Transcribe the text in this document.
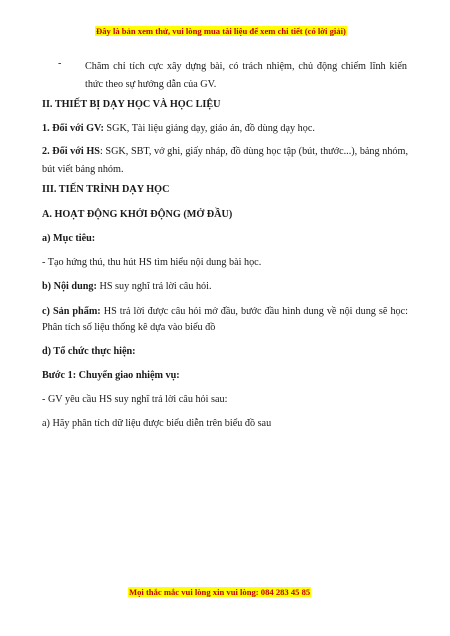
Đây là bản xem thử, vui lòng mua tài liệu để xem chi tiết (có lời giải)
- Chăm chỉ tích cực xây dựng bài, có trách nhiệm, chủ động chiếm lĩnh kiến thức theo sự hướng dẫn của GV.
II. THIẾT BỊ DẠY HỌC VÀ HỌC LIỆU
1. Đối với GV: SGK, Tài liệu giảng dạy, giáo án, đồ dùng dạy học.
2. Đối với HS: SGK, SBT, vở ghi, giấy nháp, đồ dùng học tập (bút, thước...), bảng nhóm, bút viết bảng nhóm.
III. TIẾN TRÌNH DẠY HỌC
A. HOẠT ĐỘNG KHỞI ĐỘNG (MỞ ĐẦU)
a) Mục tiêu:
- Tạo hứng thú, thu hút HS tìm hiểu nội dung bài học.
b) Nội dung: HS suy nghĩ trả lời câu hỏi.
c) Sản phẩm: HS trả lời được câu hỏi mở đầu, bước đầu hình dung về nội dung sẽ học: Phân tích số liệu thống kê dựa vào biểu đồ
d) Tổ chức thực hiện:
Bước 1: Chuyển giao nhiệm vụ:
- GV yêu cầu HS suy nghĩ trả lời câu hỏi sau:
a) Hãy phân tích dữ liệu được biểu diễn trên biểu đồ sau
Mọi thắc mắc vui lòng xin vui lòng: 084 283 45 85
